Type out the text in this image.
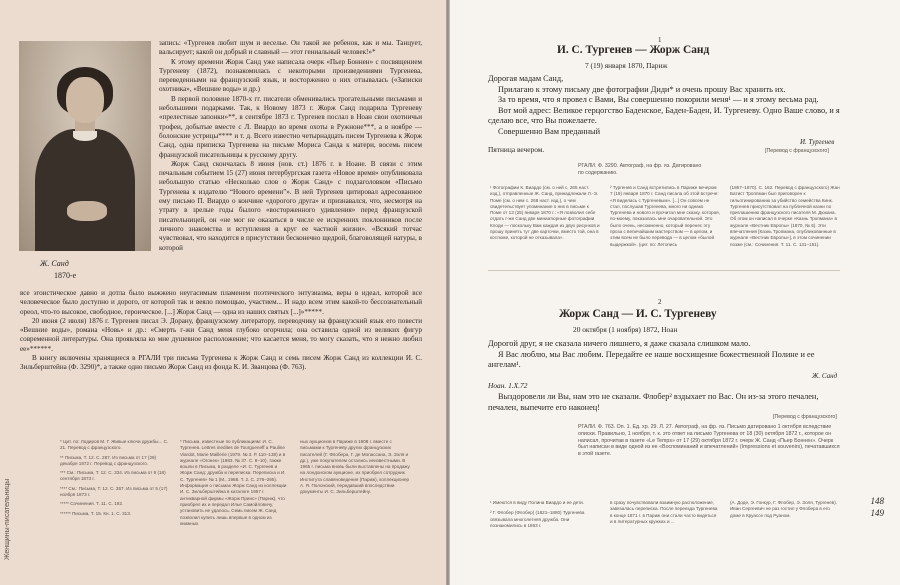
Женщины-писательницы
Ж. Санд
1870-е

запись: «Тургенев любит шум и веселье. Он такой же ребенок, как и мы. Танцует, вальсирует; какой он добрый и славный — этот гениальный человек!»*

К этому времени Жорж Санд уже написала очерк «Пьер Боннен» с посвящением Тургеневу (1872), познакомилась с некоторыми произведениями Тургенева, переведенными на французский язык, и восторженно о них отзывалась («Записки охотника», «Вешние воды» и др.)

В первой половине 1870-х гг. писатели обменивались трогательными письмами и небольшими подарками. Так, к Новому 1873 г. Жорж Санд подарила Тургеневу «прелестные запонки»**, в сентябре 1873 г. Тургенев послал в Ноан свои охотничьи трофеи, добытые вместе с Л. Виардо во время охоты в Ружноне***, а в ноябре — болонские устрицы**** и т. д. Всего известно четырнадцать писем Тургенева к Жорж Санд, одна приписка Тургенева на письме Мориса Санда к матери, восемь писем французской писательницы к русскому другу.

Жорж Санд скончалась 8 июня (нов. ст.) 1876 г. в Ноане. В связи с этим печальным событием 15 (27) июня петербургская газета «Новое время» опубликовала небольшую статью «Несколько слов о Жорж Санд» с подзаголовком «Письмо Тургенева к издателю “Нового времени”». В ней Тургенев цитировал адресованное ему письмо П. Виардо о кончине «дорогого друга» и признавался, что, несмотря на утрату в зрелые годы былого «восторженного удивления» перед французской писательницей, он «не мог не оказаться в числе ее искренних поклонников после личного знакомства и вступления в круг ее частной жизни». «Всякий тотчас чувствовал, что находится в присутствии бесконечно щедрой, благоволящей натуры, в которой

все эгоистическое давно и дотла было выжжено неугасимым пламенем поэтического энтузиазма, веры в идеал, которой все человеческое было доступно и дорого, от которой так и веяло помощью, участием... И надо всем этим какой-то бессознательный ореол, что-то высокое, свободное, героическое. [...] Жорж Санд — одна из наших святых [...]»*****.

20 июня (2 июля) 1876 г. Тургенев писал Э. Дорану, французскому литератору, переводчику на французский язык его повести «Вешние воды», романа «Новь» и др.: «Смерть г-жи Санд меня глубоко огорчила; она оставила одной из великих фигур современной литературы. Она проявляла ко мне душевное расположение; что касается меня, то могу сказать, что я нежно любил ее»******.

В книгу включены хранящиеся в РГАЛИ три письма Тургенева к Жорж Санд и семь писем Жорж Санд из коллекции И. С. Зильберштейна (Ф. 3290)*, а также одно письмо Жорж Санд из фонда К. И. Званцова (Ф. 763).

* Цит. по: Лодиров М. Г. Живые ключи дружбы... С. 21. Перевод с французского.

** Письма, Т. 12. С. 287. Из письма от 17 (29) декабря 1872 г. Перевод с французского.

*** См.: Письма, Т. 12. С. 334. Из письма от 6 (18) сентября 1873 г.

**** См.: Письма, Т. 12. С. 357. Из письма от 5 (17) ноября 1873 г.

***** Сочинения. Т. 11. С. 192.

****** Письма, Т. 15. Кн. 1. С. 313.

* Письма, известные по публикациям: И. С. Тургенев. Lettres inedites de Tourgueneff a Pauline Viardot, Marie Maillerie (1979. № 3. Р. 110–138) и в журнале «Огонек» (1983. № 37. С. 8–10), также вошли в Письма, в разделе «И. С. Тургенев и Жорж Санд: дружба и переписка. Переписка и И. С. Тургенев» № 1 (М., 1988. Т. 2. С. 276–295). Информация о письмах Жорж Санд из коллекции И. С. Зильберштейна в каталоге 1957 г. антикварной фирмы «Жорж Принс» (Париж), что приобрел их и передал Илье Самойловичу, установить не удалось. Семь писем Ж. Санд позволил купить лишь впервые в одном из книжных

ных аукционов в Париже в 1908 г. вместе с письмами к Тургеневу других французских писателей (Г. Флобера, Г. де Мопассана, Э. Золя и др.), уже покупателем остались неизвестными. В 1965 г. письма вновь были выставлены на продажу на лондонском аукционе, их приобрел сотрудник Института славяноведения (Париж), коллекционер А. Я. Полонский, передавший впоследствии документы И. С. Зильберштейну.

1
И. С. Тургенев — Жорж Санд
7 (19) января 1870, Париж

Дорогая мадам Санд,

Прилагаю к этому письму две фотографии Диди* и очень прошу Вас хранить их.

За то время, что я провел с Вами, Вы совершенно покорили меня¹ — и я этому весьма рад.

Вот мой адрес: Великое герцогство Баденское, Баден-Баден, И. Тургеневу. Одно Ваше слово, и я сделаю все, что Вы пожелаете.

Совершенно Вам преданный

И. Тургенев

Пятница вечером.	[Перевод с французского]
РГАЛИ. Ф. 3290. Автограф, на фр. яз. Датировано по содержанию.

¹ Фотографии К. Виардо (см. о ней с. 265 наст. изд.), отправленные Ж. Санд, принадлежали Л.-Э. Поме (см. о нем с. 268 наст. изд.), о чем свидетельствует упоминание о них в письме к Поме от 13 (25) января 1870 г.: «Я позволил себе отдать г-же Санд две миниатюрные фотографии Клоди — поскольку Вам каждая из двух рисунков и прошу принять тут две карточки, вместо той, она в костюме, которой не отказывала».

² Тургенев и Санд встретились в Париже вечером 7 (19) января 1870 г. Санд писала об этой встрече: «Я виделась с Тургеневым». [...] Он совсем не стал, послушав Тургенева, много ни однако Тургенева и нового и прочитал мне сказку, которая, по-моему, показалась мне очаровательной. Это было очень, несомненно, который перенес эту проза с величайшим мастерством — в целом, и этим всем не было перевода — в целом «былой выдержкой». (цит. по: Летопись

(1867–1870). С. 162. Перевод с французского) Жан Батист Троппман был приговорен к гильотинированию за убийство семейства Кинк. Тургенев присутствовал на публичной казни по приглашению французского писателя М. Дюкана. Об этом он написал в очерке «Казнь Тропмана» в журнале «Вестник Европы» (1870, № 6). Эти впечатления [Казнь Тропмана, опубликованные в журнале «Вестник Европы»], в этом сочинении позже (см.: Сочинения. Т. 11. С. 131–151).

2
Жорж Санд — И. С. Тургеневу
20 октября (1 ноября) 1872, Ноан

Дорогой друг, я не сказала ничего лишнего, я даже сказала слишком мало.

Я Вас люблю, мы Вас любим. Передайте ее наше восхищение божественной Полине и ее ангелам¹.

Ж. Санд

Ноан. 1.Х.72

Выздоровели ли Вы, нам это не сказали. Флобер² вздыхает по Вас. Он из-за этого печален, печален, выпечите его наконец!

[Перевод с французского]
РГАЛИ. Ф. 763. Оп. 1. Ед. хр. 29. Л. 27. Автограф, на фр. яз. Письмо датировано 1 октября вследствие описки. Правильно, 1 ноября, т. к. это ответ на письмо Тургенева от 18 (30) октября 1872 г., которое он написал, прочитав в газете «Le Temps» от 17 (29) октября 1872 г. очерк Ж. Санд «Пьер Боннен». Очерк был написан в виде одной из ее «Воспоминаний и впечатлений» (Impressions et souvenirs), печатавшихся в этой газете.

¹ Имеются в виду Полина Виардо и ее дети.

² Г. Флобер (Флобер) (1821–1880) Тургенева связывала многолетняя дружба. Они познакомились в 1863 г.

в сразу почувствовали взаимную расположение, завязалась переписка. После переезда Тургенева в конце 1871 г. в Париж они стали часто видеться и в литературных кружках и ...

(А. Доде, Э. Гонкур, Г. Флобер, Э. Золя, Тургенев). Иван Сергеевич не раз гостил у Флобера в его доме в Круассе под Руаном.

148
149
